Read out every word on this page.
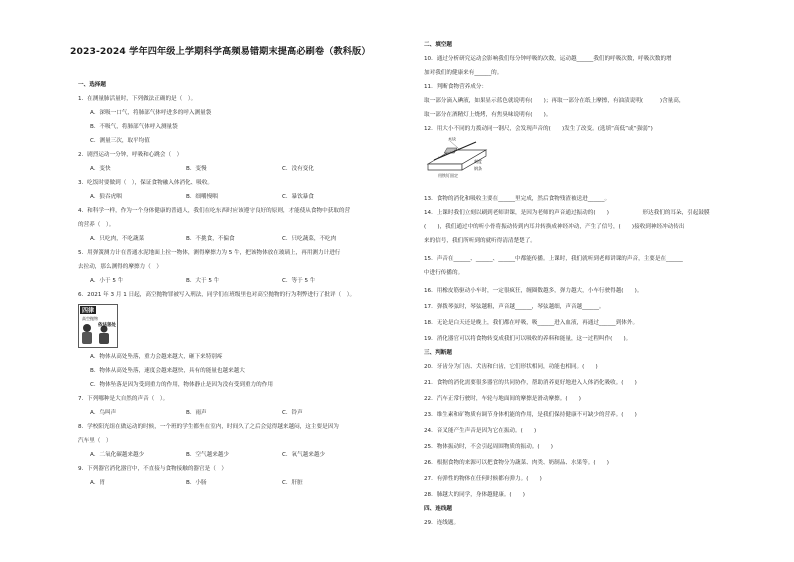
2023-2024 学年四年级上学期科学高频易错期末提高必刷卷（教科版）
一、选择题
1．在测量肺活量时，下列做法正确的是（　）。
A．深吸一口气，将肺部气体呼进多的呼入测量袋
B．不吸气，将肺部气体呼入测量袋
C．测量三次，取平均值
2．剧烈运动一分钟，呼吸和心跳会（　）
A．变快	B．变慢	C．没有变化
3．吃饭时要做到（　），保证食物融入体消化、吸收。
A．狼吞虎咽	B．细嚼慢咽	C．暴饮暴食
4．和科学一样，作为一个身体健康的普通人，我们在吃东西时应该遵守良好的原则，才能使从食物中获取的营
的营养（　）。
A．只吃肉，不吃蔬菜	B．不挑食，不偏食	C．只吃蔬菜，不吃肉
5．用弹簧测力计在普通水泥地面上拉一物体，测得摩擦力为 5 牛，把该物体放在玻璃上，再用测力计进行
去拉动，那么测得的摩擦力（　）
A．小于 5 牛	B．大于 5 牛	C．等于 5 牛
6．2021 年 3 月 1 日起，高空抛物罪被写入刑法，同学们在班级里也对高空抛物的行为利弊进行了批评（　）。
四律
高空抛物
依法惩处
A．物体从高处坠落，重力会越来越大，砸下来特别疼
B．物体从高处坠落，速度会越来越快，具有的能量也越来越大
C．物体坠落是因为受到重力的作用，物体静止是因为没有受到重力的作用
7．下列哪种是大自然的声音（　）。
A．鸟叫声	B．雨声	C．铃声
8．学校阳光组在做运动的时候，一个班的学生都坐在室内，时间久了之后会觉得越来越闷，这主要是因为
汽车里（　）
A．二氧化碳越来越少	B．空气越来越少	C．氧气越来越少
9．下列器官消化器官中，不直接与食物接触的器官是（　）
A．胃	B．小肠	C．肝脏
二、填空题
10．通过分析研究运动会影响我们每分钟呼吸的次数，运动越______我们的呼吸次数，呼吸次数的增
加对我们的健康来有______的。
11．判断食物营养成分：
取一部分滴入碘液，如果显示蓝色就说明有(　　)；再取一部分在纸上摩擦，有油渍说明(　　　)含量高，
取一部分在酒精灯上烧烤，有焦臭味说明有(　　)。
12．用大小不同的力拨动同一钢尺，会发现声音的(　　)发生了改变。(选填“高低”或“强弱”)
木块
用铁钉固定
刻度
钢条
13．食物的消化和吸收主要在______里完成，然后食物残渣被送进______。
14．上课时我们立刻以刷到老师讲课，是因为老师的声音通过振动的(　　)　　　　　　形达我们的耳朵，引起鼓膜
(　　)，我们通过中的听小骨将振动传到内耳并转换成神经冲动，产生了信号，(　　)接收到神经冲动传出
来的信号，我们所听到的就听得清清楚楚了。
15．声音在______、______、______中都能传播。上课时，我们就听到老师讲课的声音，主要是在______
中进行传播的。
16．用橡皮筋驱动小车时，一定很疯狂，缠圈数越多，弹力越大，小车行驶得越(　　)。
17．弹拨琴弦时，琴弦越粗，声音越______，琴弦越细，声音越______。
18．无论是白天还是晚上，我们都在呼吸，吸______进入血液，再通过______到体外。
19．消化器官可以将食物转变成我们可以吸收的养料和能量，这一过程叫作(　　)。
三、判断题
20．牙齿分为门齿、犬齿和臼齿，它们形状相同，功能也相同。(　　)
21．食物的消化需要很多器官的共同协作，帮助消养更好地进入人体消化吸收。(　　)
22．汽车正常行驶时，车轮与地面间的摩擦是滑动摩擦。(　　)
23．维生素和矿物质有调节身体机能的作用，是我们保持健康不可缺少的营养。(　　)
24．音叉能产生声音是因为它在振动。(　　)
25．物体振动时，不会引起周围物质的振动。(　　)
26．根据食物的来源可以把食物分为蔬菜、肉类、奶制品、水果等。(　　)
27．有弹性的物体在任何时候都有弹力。(　　)
28．肺越大的同学，身体越健康。(　　)
四、连线题
29．连线题。
